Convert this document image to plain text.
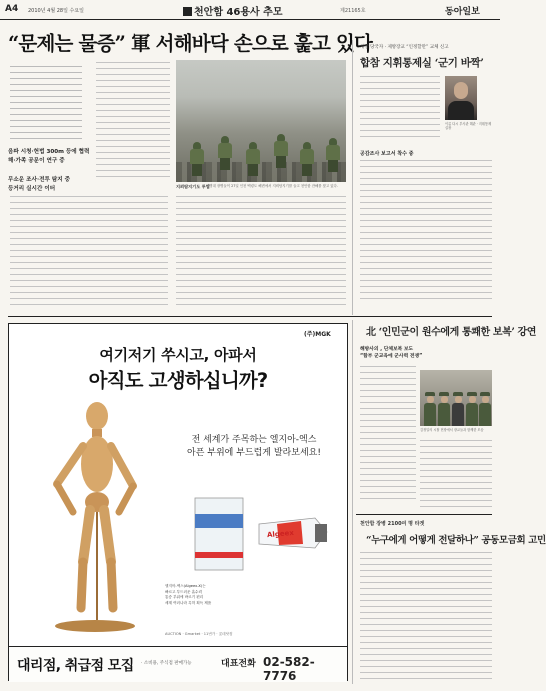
A4 2010년 4월 28일 수요일	천안함 46용사 추모	제21165호	동아일보
“문제는 물증” 軍 서해바닥 손으로 훑고 있다
음파 시청·헌법 300m 등에 협력
해·가족 공문이 연구 중
무소운 조사·전투 탐지 중
등거리 실시간 이터	지뢰탐지기도 투입
해병대 장병들이 27일 인천 백령도 해변에서 지뢰탐지기를 들고 천안함 잔해를 찾고 있다.
채방 당국자 · 제방장교 “인정할만” 교체 신고
합참 지휘통제실 ‘군기 바짝’
이름 다시 부사관 해관 · 지휘통제실장
공감조사 보고서 착수 중
(주)MGK
여기저기 쑤시고, 아파서
아직도 고생하십니까?
전 세계가 주목하는 엘지아-엑스
아픈 부위에 부드럽게 발라보세요!
Algeex
엘지아-엑스(Algeex-X)는
빠르고 부드러운 흡수력
통증 부위에 바르기 편리
세계 여러나라 특허 획득 제품
AUCTION · Gmarket · 11번가 · 롯데닷컴
대리점, 취급점 모집 · 소비용, 주식점 판매가능	대표전화 02-582-7776
北 ‘인민군이 원수에게 통쾌한 보복’ 강연
해방사의 , 단체보복 보도
“함부 군교육에 군사력 전쟁”
김정일의 시찰 현장에서 장교들과 함께한 모습
천안함 장병 2100여 명 타겟
“누구에게 어떻게 전달하나” 공동모금회 고민
